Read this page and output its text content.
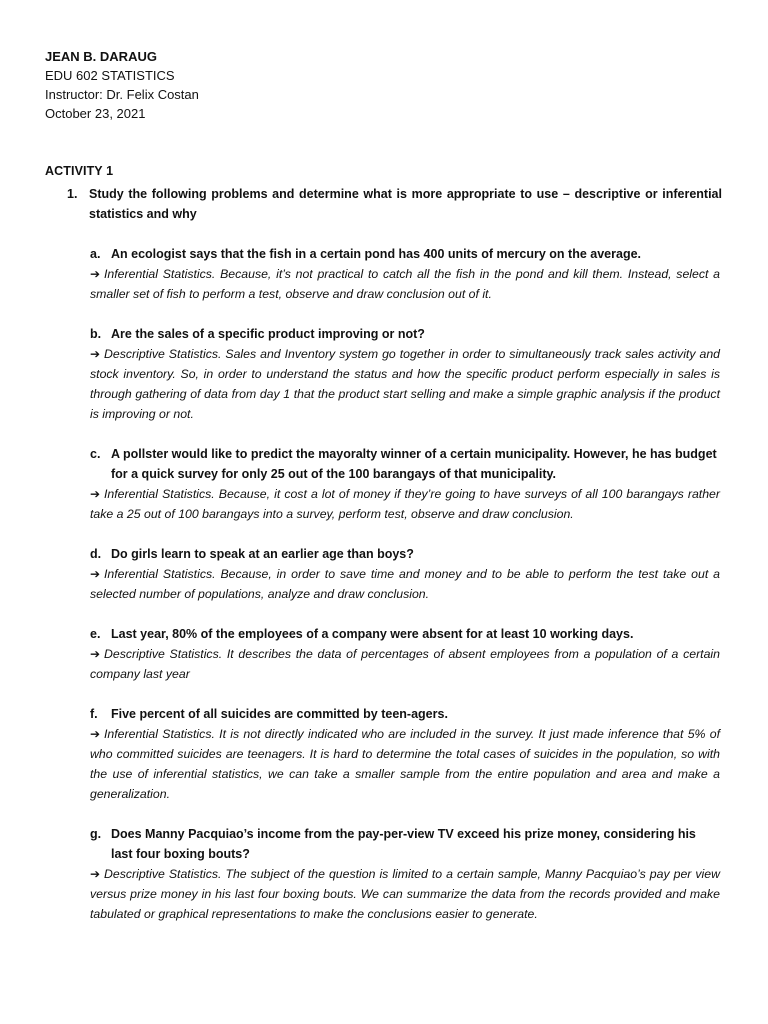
JEAN B. DARAUG
EDU 602 STATISTICS
Instructor: Dr. Felix Costan
October 23, 2021
ACTIVITY 1
1. Study the following problems and determine what is more appropriate to use – descriptive or inferential statistics and why
a. An ecologist says that the fish in a certain pond has 400 units of mercury on the average.
➔ Inferential Statistics. Because, it’s not practical to catch all the fish in the pond and kill them. Instead, select a smaller set of fish to perform a test, observe and draw conclusion out of it.
b. Are the sales of a specific product improving or not?
➔ Descriptive Statistics. Sales and Inventory system go together in order to simultaneously track sales activity and stock inventory. So, in order to understand the status and how the specific product perform especially in sales is through gathering of data from day 1 that the product start selling and make a simple graphic analysis if the product is improving or not.
c. A pollster would like to predict the mayoralty winner of a certain municipality. However, he has budget for a quick survey for only 25 out of the 100 barangays of that municipality.
➔ Inferential Statistics. Because, it cost a lot of money if they’re going to have surveys of all 100 barangays rather take a 25 out of 100 barangays into a survey, perform test, observe and draw conclusion.
d. Do girls learn to speak at an earlier age than boys?
➔ Inferential Statistics. Because, in order to save time and money and to be able to perform the test take out a selected number of populations, analyze and draw conclusion.
e. Last year, 80% of the employees of a company were absent for at least 10 working days.
➔ Descriptive Statistics. It describes the data of percentages of absent employees from a population of a certain company last year
f.	Five percent of all suicides are committed by teen-agers.
➔ Inferential Statistics. It is not directly indicated who are included in the survey. It just made inference that 5% of who committed suicides are teenagers. It is hard to determine the total cases of suicides in the population, so with the use of inferential statistics, we can take a smaller sample from the entire population and area and make a generalization.
g. Does Manny Pacquiao’s income from the pay-per-view TV exceed his prize money, considering his last four boxing bouts?
➔ Descriptive Statistics. The subject of the question is limited to a certain sample, Manny Pacquiao’s pay per view versus prize money in his last four boxing bouts. We can summarize the data from the records provided and make tabulated or graphical representations to make the conclusions easier to generate.
